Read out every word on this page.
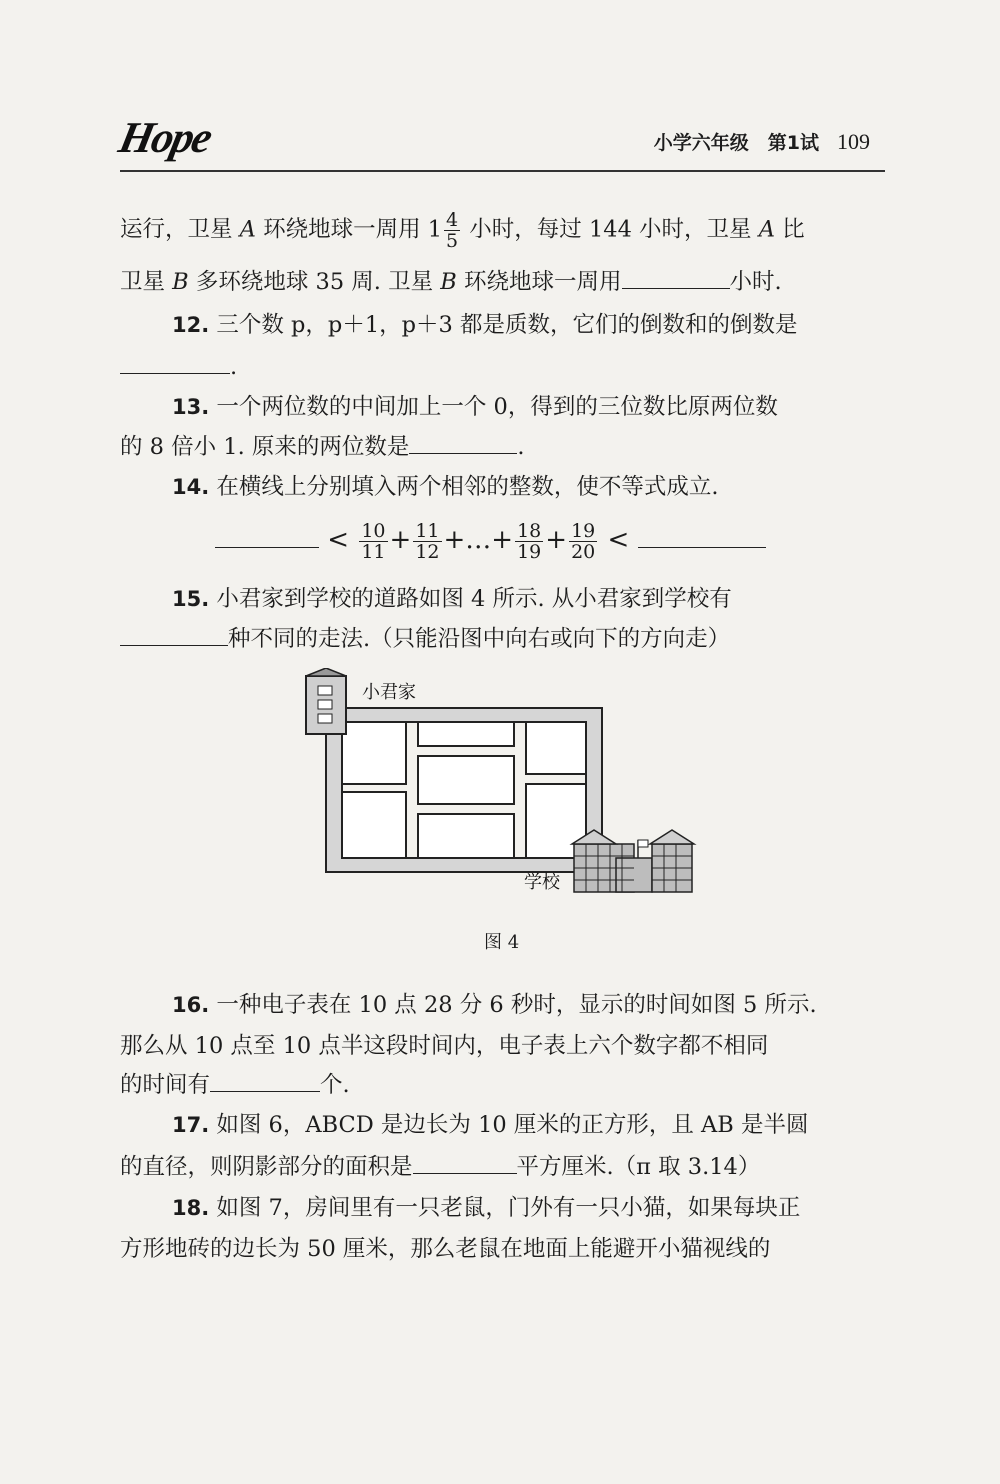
Hope	小学六年级　第1试 109
运行，卫星 A 环绕地球一周用 $1 \frac{4}{5}$ 小时，每过 144 小时，卫星 A 比
卫星 B 多环绕地球 35 周. 卫星 B 环绕地球一周用	小时.
12. 三个数 p，p＋1，p＋3 都是质数，它们的倒数和的倒数是
.
13. 一个两位数的中间加上一个 0，得到的三位数比原两位数
的 8 倍小 1. 原来的两位数是	.
14. 在横线上分别填入两个相邻的整数，使不等式成立.
< $\frac{10}{11} + \frac{11}{12}$ +…+ $\frac{18}{19} + \frac{19}{20}$ <
15. 小君家到学校的道路如图 4 所示. 从小君家到学校有
种不同的走法.（只能沿图中向右或向下的方向走）
小君家
学校
图 4
16. 一种电子表在 10 点 28 分 6 秒时，显示的时间如图 5 所示.
那么从 10 点至 10 点半这段时间内，电子表上六个数字都不相同
的时间有	个.
17. 如图 6，ABCD 是边长为 10 厘米的正方形，且 AB 是半圆
的直径，则阴影部分的面积是	平方厘米.（π 取 3.14）
18. 如图 7，房间里有一只老鼠，门外有一只小猫，如果每块正
方形地砖的边长为 50 厘米，那么老鼠在地面上能避开小猫视线的
